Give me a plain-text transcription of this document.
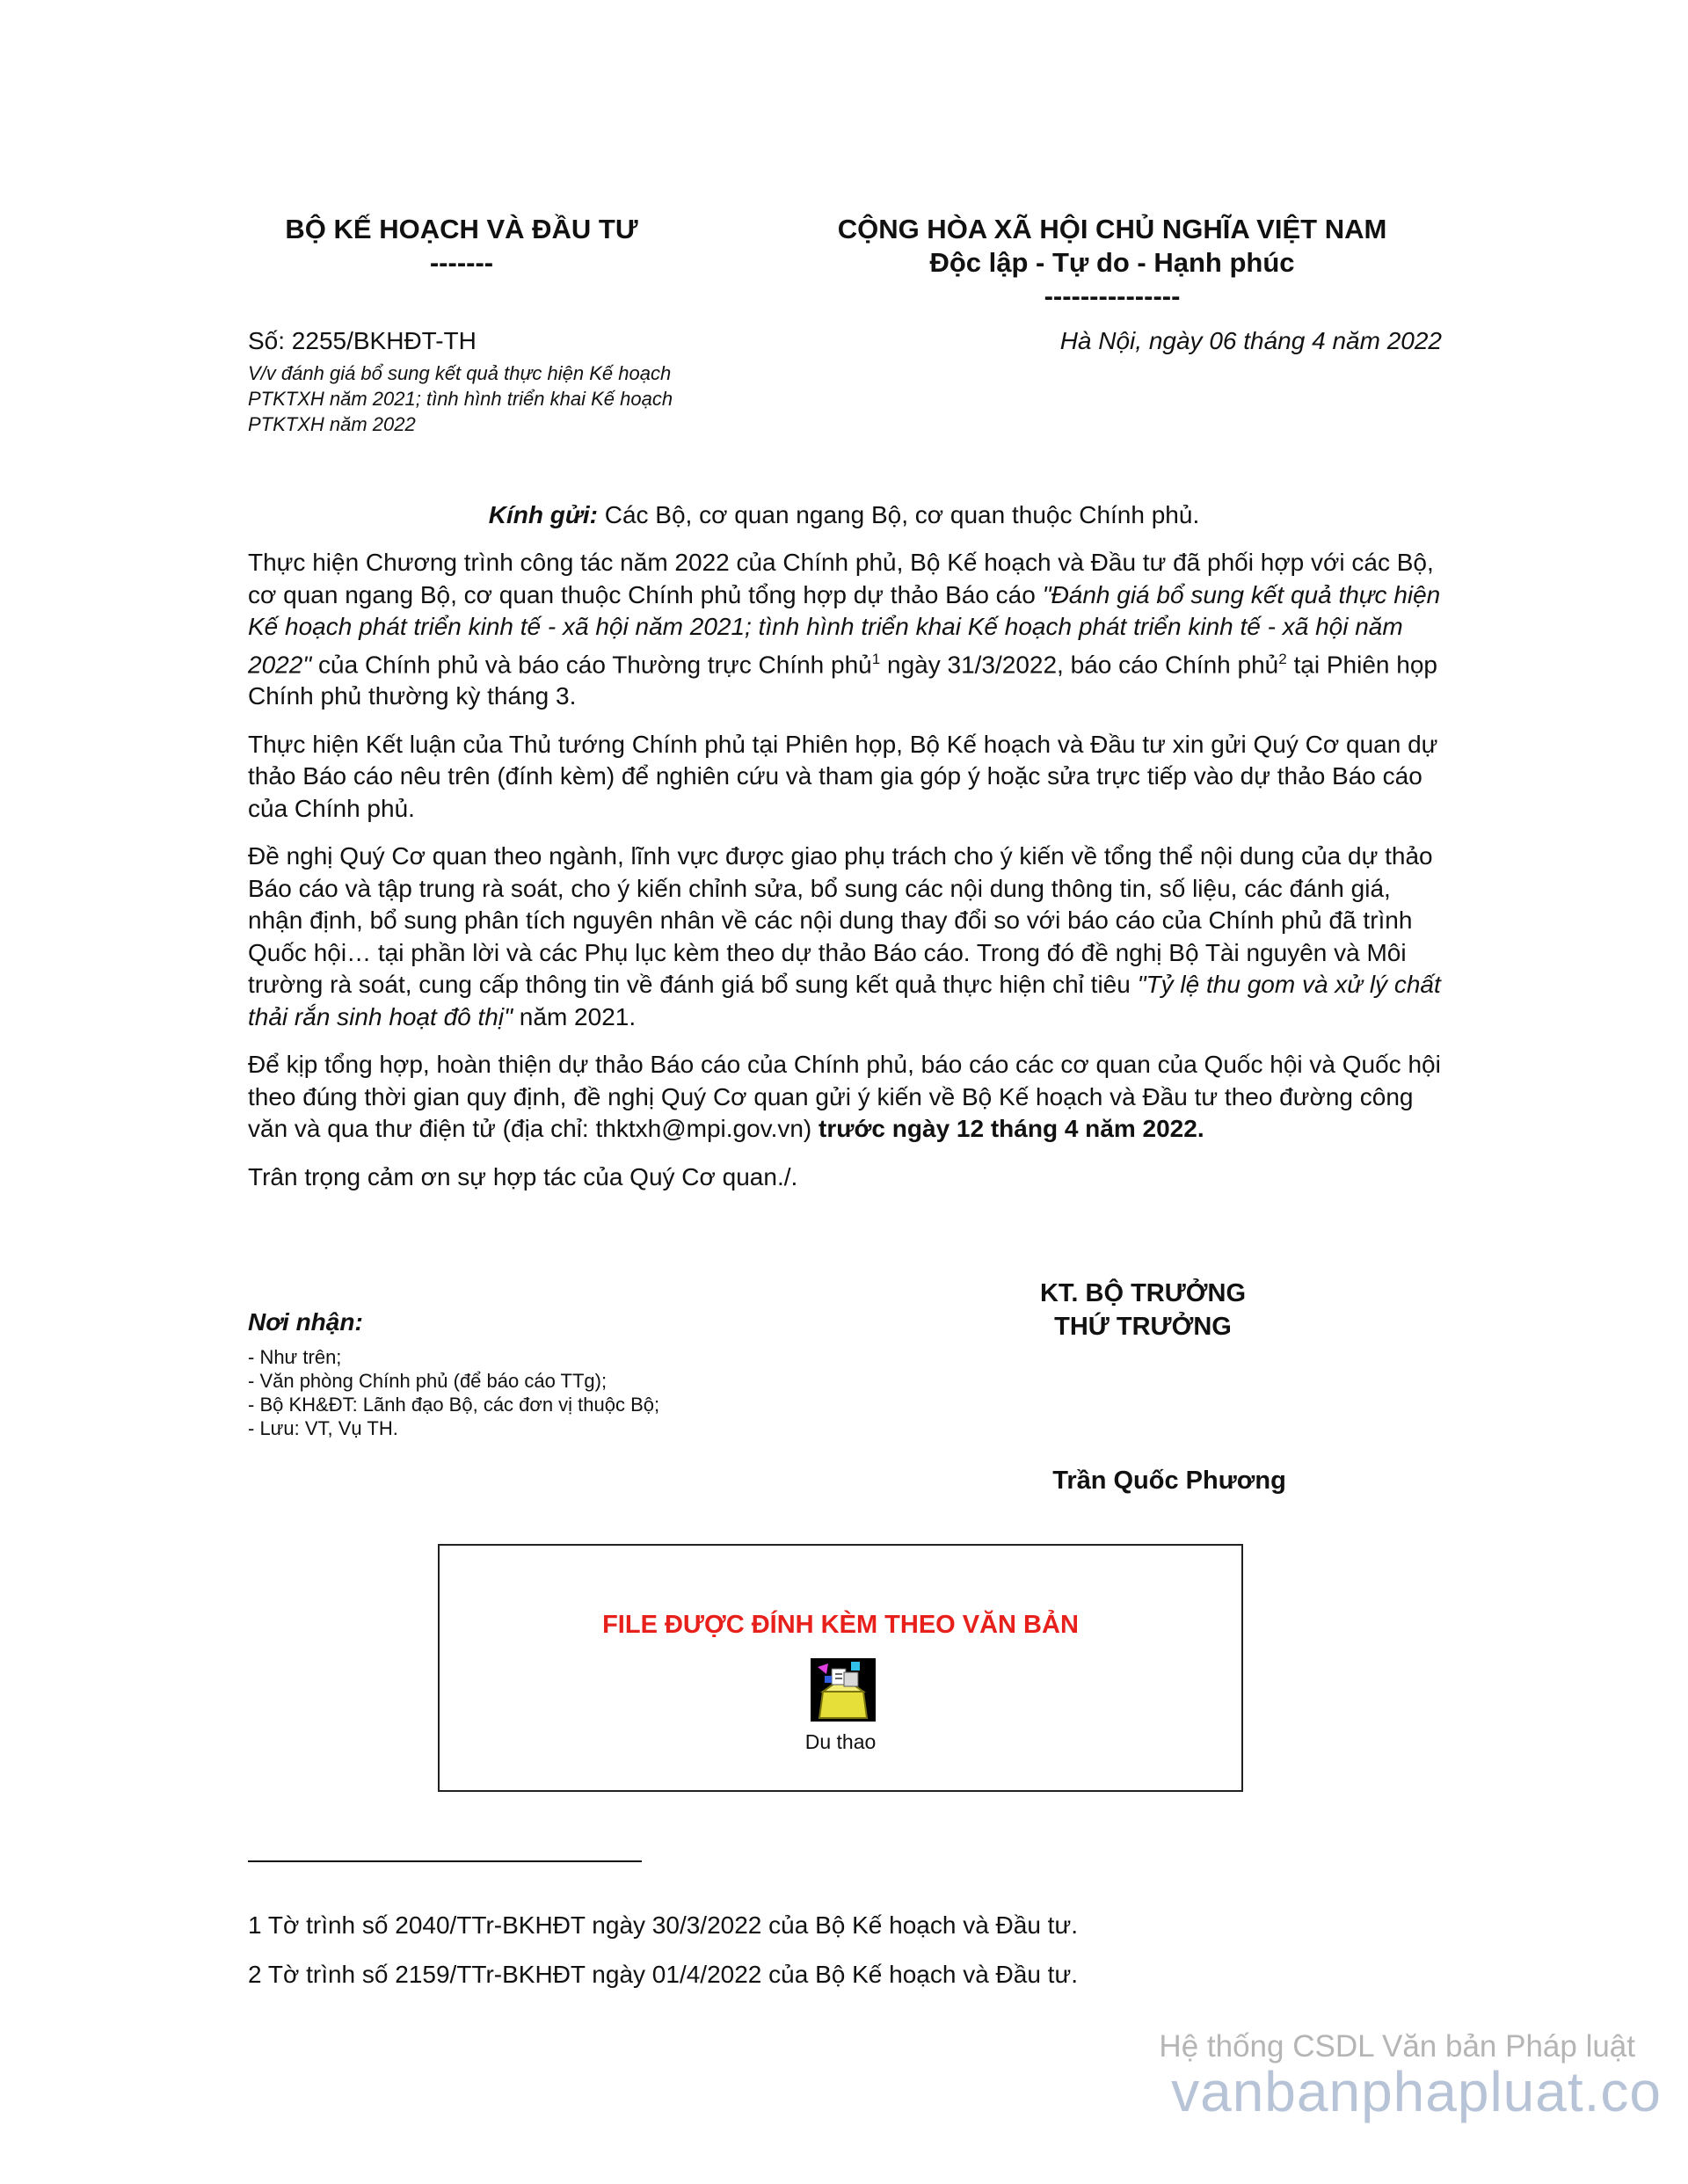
BỘ KẾ HOẠCH VÀ ĐẦU TƯ
-------
CỘNG HÒA XÃ HỘI CHỦ NGHĨA VIỆT NAM
Độc lập - Tự do - Hạnh phúc
---------------
Số: 2255/BKHĐT-TH	Hà Nội, ngày 06 tháng 4 năm 2022
V/v đánh giá bổ sung kết quả thực hiện Kế hoạch PTKTXH năm 2021; tình hình triển khai Kế hoạch PTKTXH năm 2022
Kính gửi: Các Bộ, cơ quan ngang Bộ, cơ quan thuộc Chính phủ.

Thực hiện Chương trình công tác năm 2022 của Chính phủ, Bộ Kế hoạch và Đầu tư đã phối hợp với các Bộ, cơ quan ngang Bộ, cơ quan thuộc Chính phủ tổng hợp dự thảo Báo cáo "Đánh giá bổ sung kết quả thực hiện Kế hoạch phát triển kinh tế - xã hội năm 2021; tình hình triển khai Kế hoạch phát triển kinh tế - xã hội năm 2022" của Chính phủ và báo cáo Thường trực Chính phủ$^1$ ngày 31/3/2022, báo cáo Chính phủ$^2$ tại Phiên họp Chính phủ thường kỳ tháng 3.

Thực hiện Kết luận của Thủ tướng Chính phủ tại Phiên họp, Bộ Kế hoạch và Đầu tư xin gửi Quý Cơ quan dự thảo Báo cáo nêu trên (đính kèm) để nghiên cứu và tham gia góp ý hoặc sửa trực tiếp vào dự thảo Báo cáo của Chính phủ.

Đề nghị Quý Cơ quan theo ngành, lĩnh vực được giao phụ trách cho ý kiến về tổng thể nội dung của dự thảo Báo cáo và tập trung rà soát, cho ý kiến chỉnh sửa, bổ sung các nội dung thông tin, số liệu, các đánh giá, nhận định, bổ sung phân tích nguyên nhân về các nội dung thay đổi so với báo cáo của Chính phủ đã trình Quốc hội… tại phần lời và các Phụ lục kèm theo dự thảo Báo cáo. Trong đó đề nghị Bộ Tài nguyên và Môi trường rà soát, cung cấp thông tin về đánh giá bổ sung kết quả thực hiện chỉ tiêu "Tỷ lệ thu gom và xử lý chất thải rắn sinh hoạt đô thị" năm 2021.

Để kịp tổng hợp, hoàn thiện dự thảo Báo cáo của Chính phủ, báo cáo các cơ quan của Quốc hội và Quốc hội theo đúng thời gian quy định, đề nghị Quý Cơ quan gửi ý kiến về Bộ Kế hoạch và Đầu tư theo đường công văn và qua thư điện tử (địa chỉ: thktxh@mpi.gov.vn) trước ngày 12 tháng 4 năm 2022.

Trân trọng cảm ơn sự hợp tác của Quý Cơ quan./.

Nơi nhận:
- Như trên;
- Văn phòng Chính phủ (để báo cáo TTg);
- Bộ KH&ĐT: Lãnh đạo Bộ, các đơn vị thuộc Bộ;
- Lưu: VT, Vụ TH.
KT. BỘ TRƯỞNG
THỨ TRƯỞNG
Trần Quốc Phương
FILE ĐƯỢC ĐÍNH KÈM THEO VĂN BẢN
Du thao
1 Tờ trình số 2040/TTr-BKHĐT ngày 30/3/2022 của Bộ Kế hoạch và Đầu tư.
2 Tờ trình số 2159/TTr-BKHĐT ngày 01/4/2022 của Bộ Kế hoạch và Đầu tư.
Hệ thống CSDL Văn bản Pháp luật
vanbanphapluat.co
